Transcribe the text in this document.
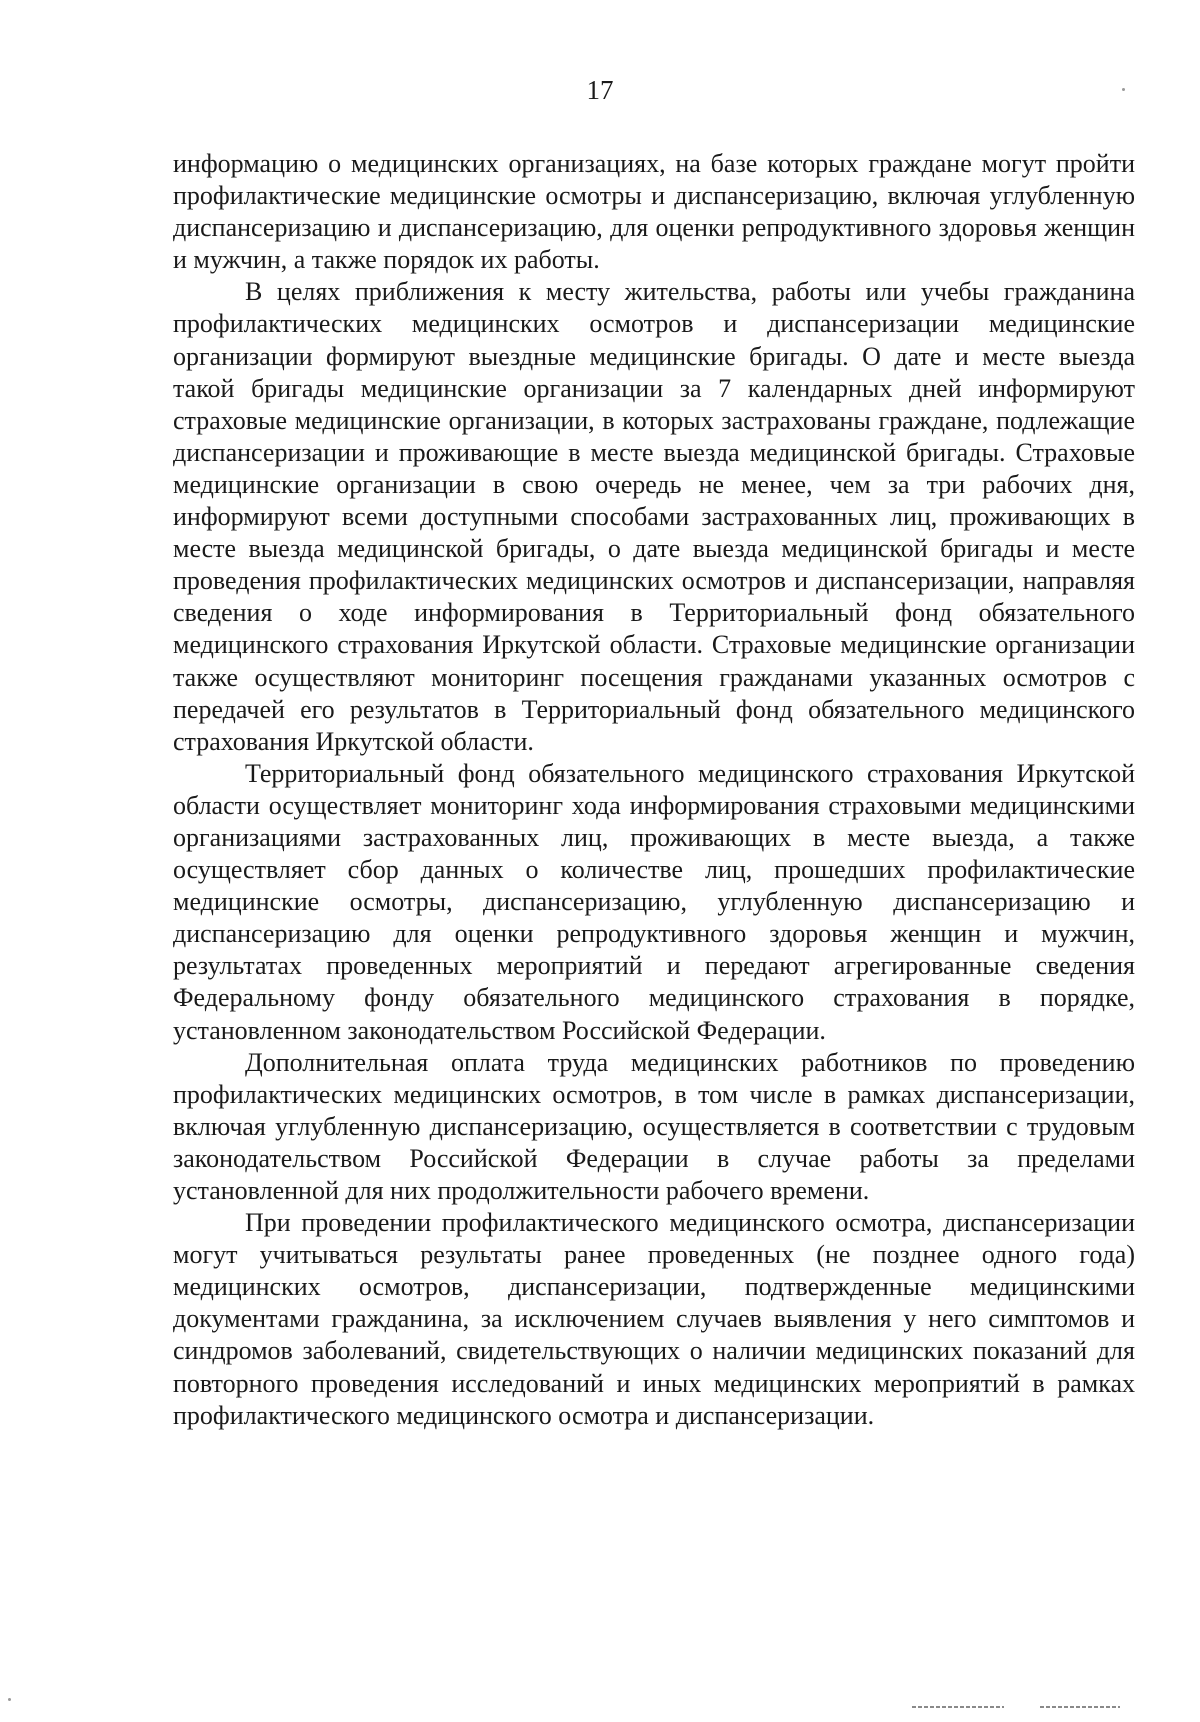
17

информацию о медицинских организациях, на базе которых граждане могут пройти профилактические медицинские осмотры и диспансеризацию, включая углубленную диспансеризацию и диспансеризацию, для оценки репродуктивного здоровья женщин и мужчин, а также порядок их работы.

В целях приближения к месту жительства, работы или учебы гражданина профилактических медицинских осмотров и диспансеризации медицинские организации формируют выездные медицинские бригады. О дате и месте выезда такой бригады медицинские организации за 7 календарных дней информируют страховые медицинские организации, в которых застрахованы граждане, подлежащие диспансеризации и проживающие в месте выезда медицинской бригады. Страховые медицинские организации в свою очередь не менее, чем за три рабочих дня, информируют всеми доступными способами застрахованных лиц, проживающих в месте выезда медицинской бригады, о дате выезда медицинской бригады и месте проведения профилактических медицинских осмотров и диспансеризации, направляя сведения о ходе информирования в Территориальный фонд обязательного медицинского страхования Иркутской области. Страховые медицинские организации также осуществляют мониторинг посещения гражданами указанных осмотров с передачей его результатов в Территориальный фонд обязательного медицинского страхования Иркутской области.

Территориальный фонд обязательного медицинского страхования Иркутской области осуществляет мониторинг хода информирования страховыми медицинскими организациями застрахованных лиц, проживающих в месте выезда, а также осуществляет сбор данных о количестве лиц, прошедших профилактические медицинские осмотры, диспансеризацию, углубленную диспансеризацию и диспансеризацию для оценки репродуктивного здоровья женщин и мужчин, результатах проведенных мероприятий и передают агрегированные сведения Федеральному фонду обязательного медицинского страхования в порядке, установленном законодательством Российской Федерации.

Дополнительная оплата труда медицинских работников по проведению профилактических медицинских осмотров, в том числе в рамках диспансеризации, включая углубленную диспансеризацию, осуществляется в соответствии с трудовым законодательством Российской Федерации в случае работы за пределами установленной для них продолжительности рабочего времени.

При проведении профилактического медицинского осмотра, диспансеризации могут учитываться результаты ранее проведенных (не позднее одного года) медицинских осмотров, диспансеризации, подтвержденные медицинскими документами гражданина, за исключением случаев выявления у него симптомов и синдромов заболеваний, свидетельствующих о наличии медицинских показаний для повторного проведения исследований и иных медицинских мероприятий в рамках профилактического медицинского осмотра и диспансеризации.
